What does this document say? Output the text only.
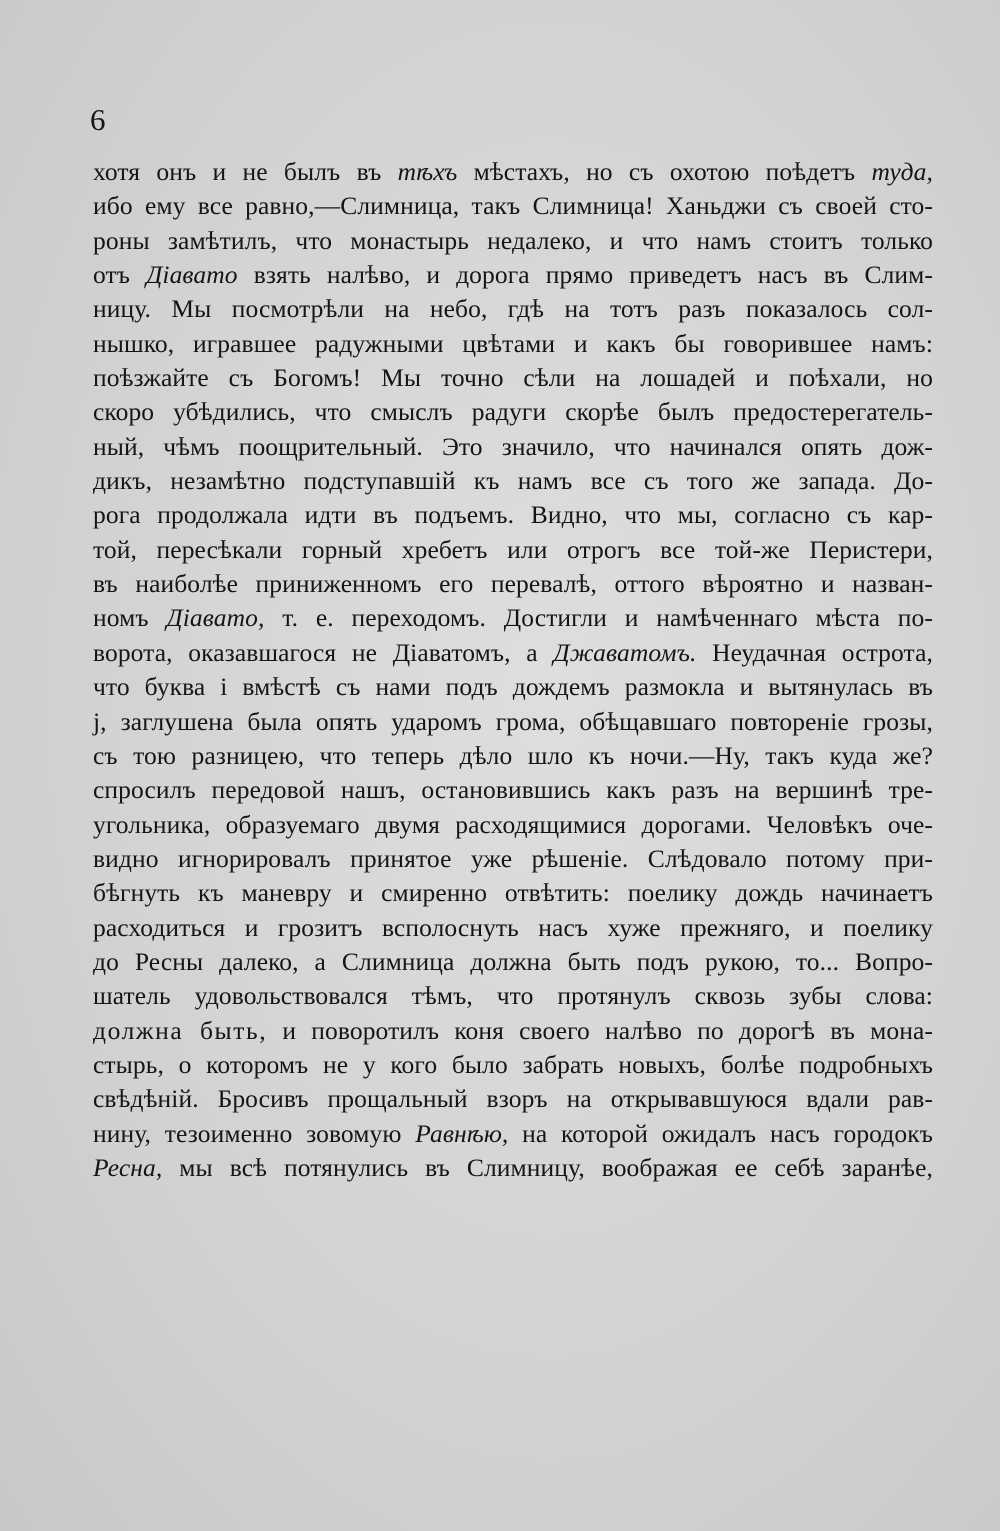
6
хотя онъ и не былъ въ тѣхъ мѣстахъ, но съ охотою поѣдетъ туда,
ибо ему все равно,—Слимница, такъ Слимница! Ханьджи съ своей сто-
роны замѣтилъ, что монастырь недалеко, и что намъ стоитъ только
отъ Діавато взять налѣво, и дорога прямо приведетъ насъ въ Слим-
ницу. Мы посмотрѣли на небо, гдѣ на тотъ разъ показалось сол-
нышко, игравшее радужными цвѣтами и какъ бы говорившее намъ:
поѣзжайте съ Богомъ! Мы точно сѣли на лошадей и поѣхали, но
скоро убѣдились, что смыслъ радуги скорѣе былъ предостерегатель-
ный, чѣмъ поощрительный. Это значило, что начинался опять дож-
дикъ, незамѣтно подступавшій къ намъ все съ того же запада. До-
рога продолжала идти въ подъемъ. Видно, что мы, согласно съ кар-
той, пересѣкали горный хребетъ или отрогъ все той-же Перистери,
въ наиболѣе приниженномъ его перевалѣ, оттого вѣроятно и назван-
номъ Діавато, т. е. переходомъ. Достигли и намѣченнаго мѣста по-
ворота, оказавшагося не Діаватомъ, а Джаватомъ. Неудачная острота,
что буква і вмѣстѣ съ нами подъ дождемъ размокла и вытянулась въ
j, заглушена была опять ударомъ грома, обѣщавшаго повтореніе грозы,
съ тою разницею, что теперь дѣло шло къ ночи.—Ну, такъ куда же?
спросилъ передовой нашъ, остановившись какъ разъ на вершинѣ тре-
угольника, образуемаго двумя расходящимися дорогами. Человѣкъ оче-
видно игнорировалъ принятое уже рѣшеніе. Слѣдовало потому при-
бѣгнуть къ маневру и смиренно отвѣтить: поелику дождь начинаетъ
расходиться и грозитъ всполоснуть насъ хуже прежняго, и поелику
до Ресны далеко, а Слимница должна быть подъ рукою, то... Вопро-
шатель удовольствовался тѣмъ, что протянулъ сквозь зубы слова:
должна быть, и поворотилъ коня своего налѣво по дорогѣ въ мона-
стырь, о которомъ не у кого было забрать новыхъ, болѣе подробныхъ
свѣдѣній. Бросивъ прощальный взоръ на открывавшуюся вдали рав-
нину, тезоименно зовомую Равнѣю, на которой ожидалъ насъ городокъ
Ресна, мы всѣ потянулись въ Слимницу, воображая ее себѣ заранѣе,
